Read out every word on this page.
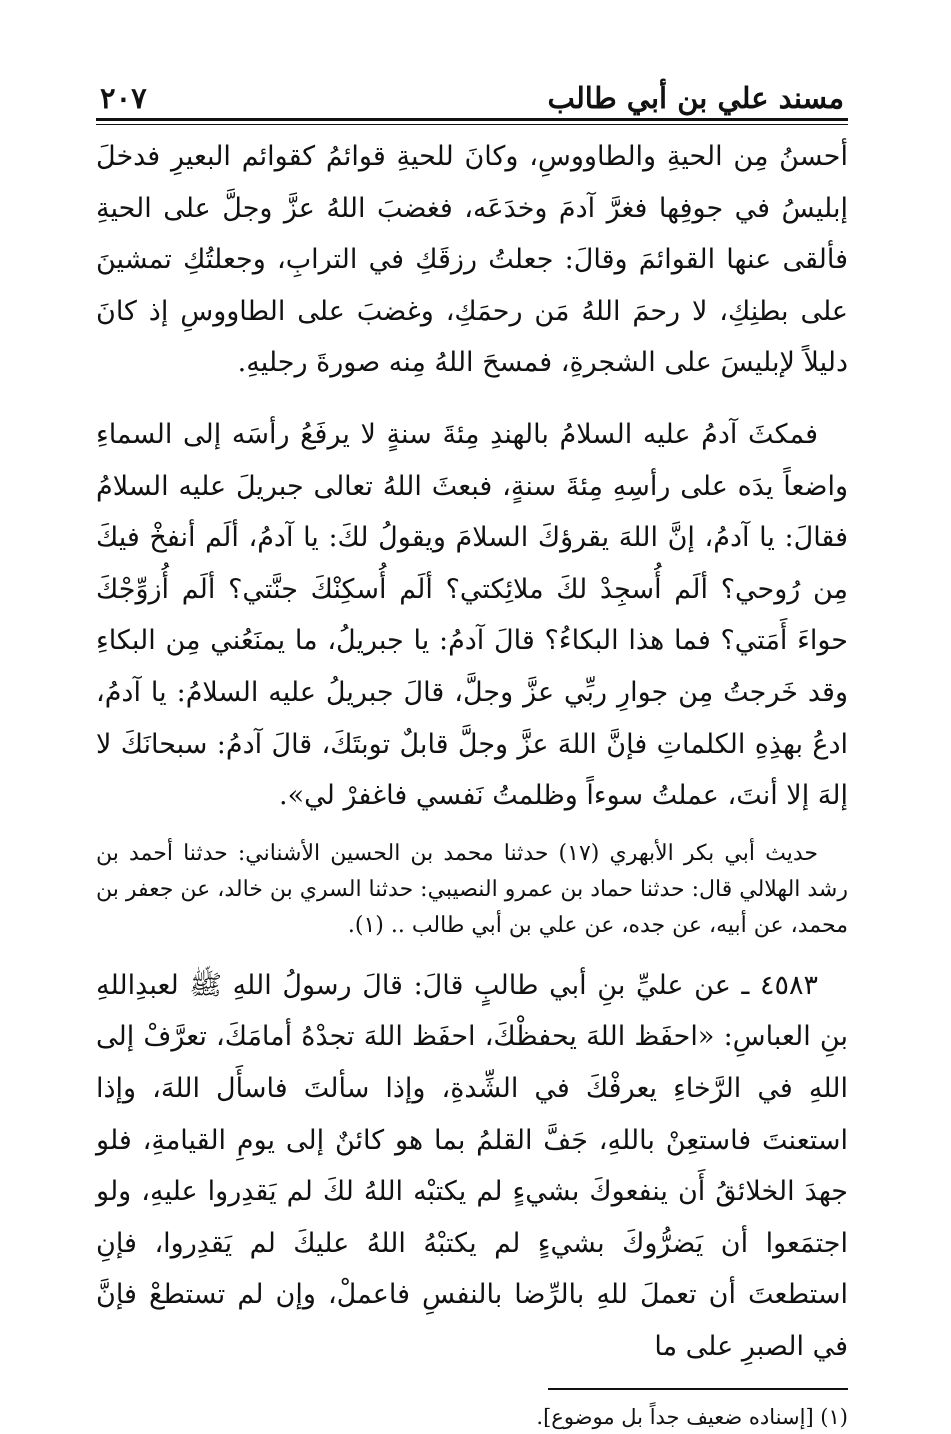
مسند علي بن أبي طالب
٢٠٧

أحسنُ مِن الحيةِ والطاووسِ، وكانَ للحيةِ قوائمُ كقوائم البعيرِ فدخلَ إبليسُ في جوفِها فغرَّ آدمَ وخدَعَه، فغضبَ اللهُ عزَّ وجلَّ على الحيةِ فألقى عنها القوائمَ وقالَ: جعلتُ رزقَكِ في الترابِ، وجعلتُكِ تمشينَ على بطنِكِ، لا رحمَ اللهُ مَن رحمَكِ، وغضبَ على الطاووسِ إذ كانَ دليلاً لإبليسَ على الشجرةِ، فمسحَ اللهُ مِنه صورةَ رجليهِ.

فمكثَ آدمُ عليه السلامُ بالهندِ مِئةَ سنةٍ لا يرفَعُ رأسَه إلى السماءِ واضعاً يدَه على رأسِهِ مِئةَ سنةٍ، فبعثَ اللهُ تعالى جبريلَ عليه السلامُ فقالَ: يا آدمُ، إنَّ اللهَ يقرؤكَ السلامَ ويقولُ لكَ: يا آدمُ، ألَم أنفخْ فيكَ مِن رُوحي؟ ألَم أُسجِدْ لكَ ملائِكتي؟ ألَم أُسكِنْكَ جنَّتي؟ ألَم أُزوِّجْكَ حواءَ أَمَتي؟ فما هذا البكاءُ؟ قالَ آدمُ: يا جبريلُ، ما يمنَعُني مِن البكاءِ وقد خَرجتُ مِن جوارِ ربِّي عزَّ وجلَّ، قالَ جبريلُ عليه السلامُ: يا آدمُ، ادعُ بهذِهِ الكلماتِ فإنَّ اللهَ عزَّ وجلَّ قابلٌ توبتَكَ، قالَ آدمُ: سبحانَكَ لا إلهَ إلا أنتَ، عملتُ سوءاً وظلمتُ نَفسي فاغفرْ لي».

حديث أبي بكر الأبهري (١٧) حدثنا محمد بن الحسين الأشناني: حدثنا أحمد بن رشد الهلالي قال: حدثنا حماد بن عمرو النصيبي: حدثنا السري بن خالد، عن جعفر بن محمد، عن أبيه، عن جده، عن علي بن أبي طالب .. (١).

٤٥٨٣ ـ عن عليِّ بنِ أبي طالبٍ قالَ: قالَ رسولُ اللهِ ﷺ لعبدِاللهِ بنِ العباسِ: «احفَظ اللهَ يحفظْكَ، احفَظ اللهَ تجدْهُ أمامَكَ، تعرَّفْ إلى اللهِ في الرَّخاءِ يعرفْكَ في الشِّدةِ، وإذا سألتَ فاسأَل اللهَ، وإذا استعنتَ فاستعِنْ باللهِ، جَفَّ القلمُ بما هو كائنٌ إلى يومِ القيامةِ، فلو جهدَ الخلائقُ أَن ينفعوكَ بشيءٍ لم يكتبْه اللهُ لكَ لم يَقدِروا عليهِ، ولو اجتمَعوا أن يَضرُّوكَ بشيءٍ لم يكتبْهُ اللهُ عليكَ لم يَقدِروا، فإنِ استطعتَ أن تعملَ للهِ بالرِّضا بالنفسِ فاعملْ، وإن لم تستطعْ فإنَّ في الصبرِ على ما

(١) [إسناده ضعيف جداً بل موضوع].
